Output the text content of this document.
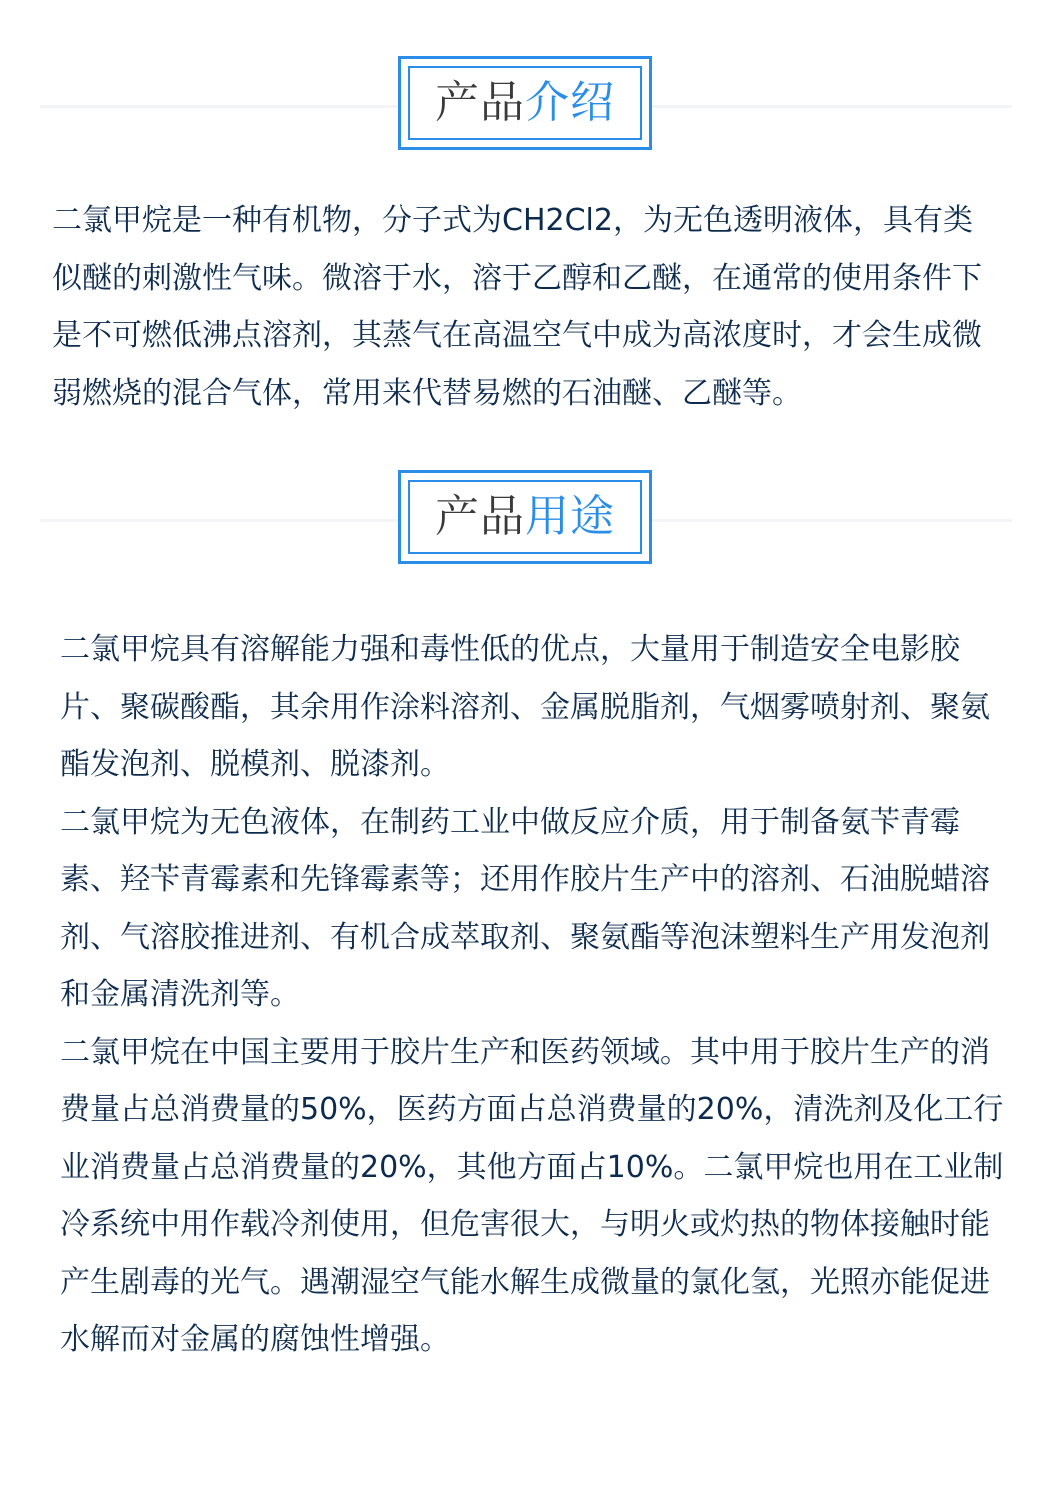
产品 介绍

二氯甲烷是一种有机物，分子式为CH2Cl2，为无色透明液体，具有类似醚的刺激性气味。微溶于水，溶于乙醇和乙醚，在通常的使用条件下是不可燃低沸点溶剂，其蒸气在高温空气中成为高浓度时，才会生成微弱燃烧的混合气体，常用来代替易燃的石油醚、乙醚等。

产品 用途

二氯甲烷具有溶解能力强和毒性低的优点，大量用于制造安全电影胶片、聚碳酸酯，其余用作涂料溶剂、金属脱脂剂，气烟雾喷射剂、聚氨酯发泡剂、脱模剂、脱漆剂。

二氯甲烷为无色液体，在制药工业中做反应介质，用于制备氨苄青霉素、羟苄青霉素和先锋霉素等；还用作胶片生产中的溶剂、石油脱蜡溶剂、气溶胶推进剂、有机合成萃取剂、聚氨酯等泡沫塑料生产用发泡剂和金属清洗剂等。

二氯甲烷在中国主要用于胶片生产和医药领域。其中用于胶片生产的消费量占总消费量的50%，医药方面占总消费量的20%，清洗剂及化工行业消费量占总消费量的20%，其他方面占10%。二氯甲烷也用在工业制冷系统中用作载冷剂使用，但危害很大，与明火或灼热的物体接触时能产生剧毒的光气。遇潮湿空气能水解生成微量的氯化氢，光照亦能促进水解而对金属的腐蚀性增强。
